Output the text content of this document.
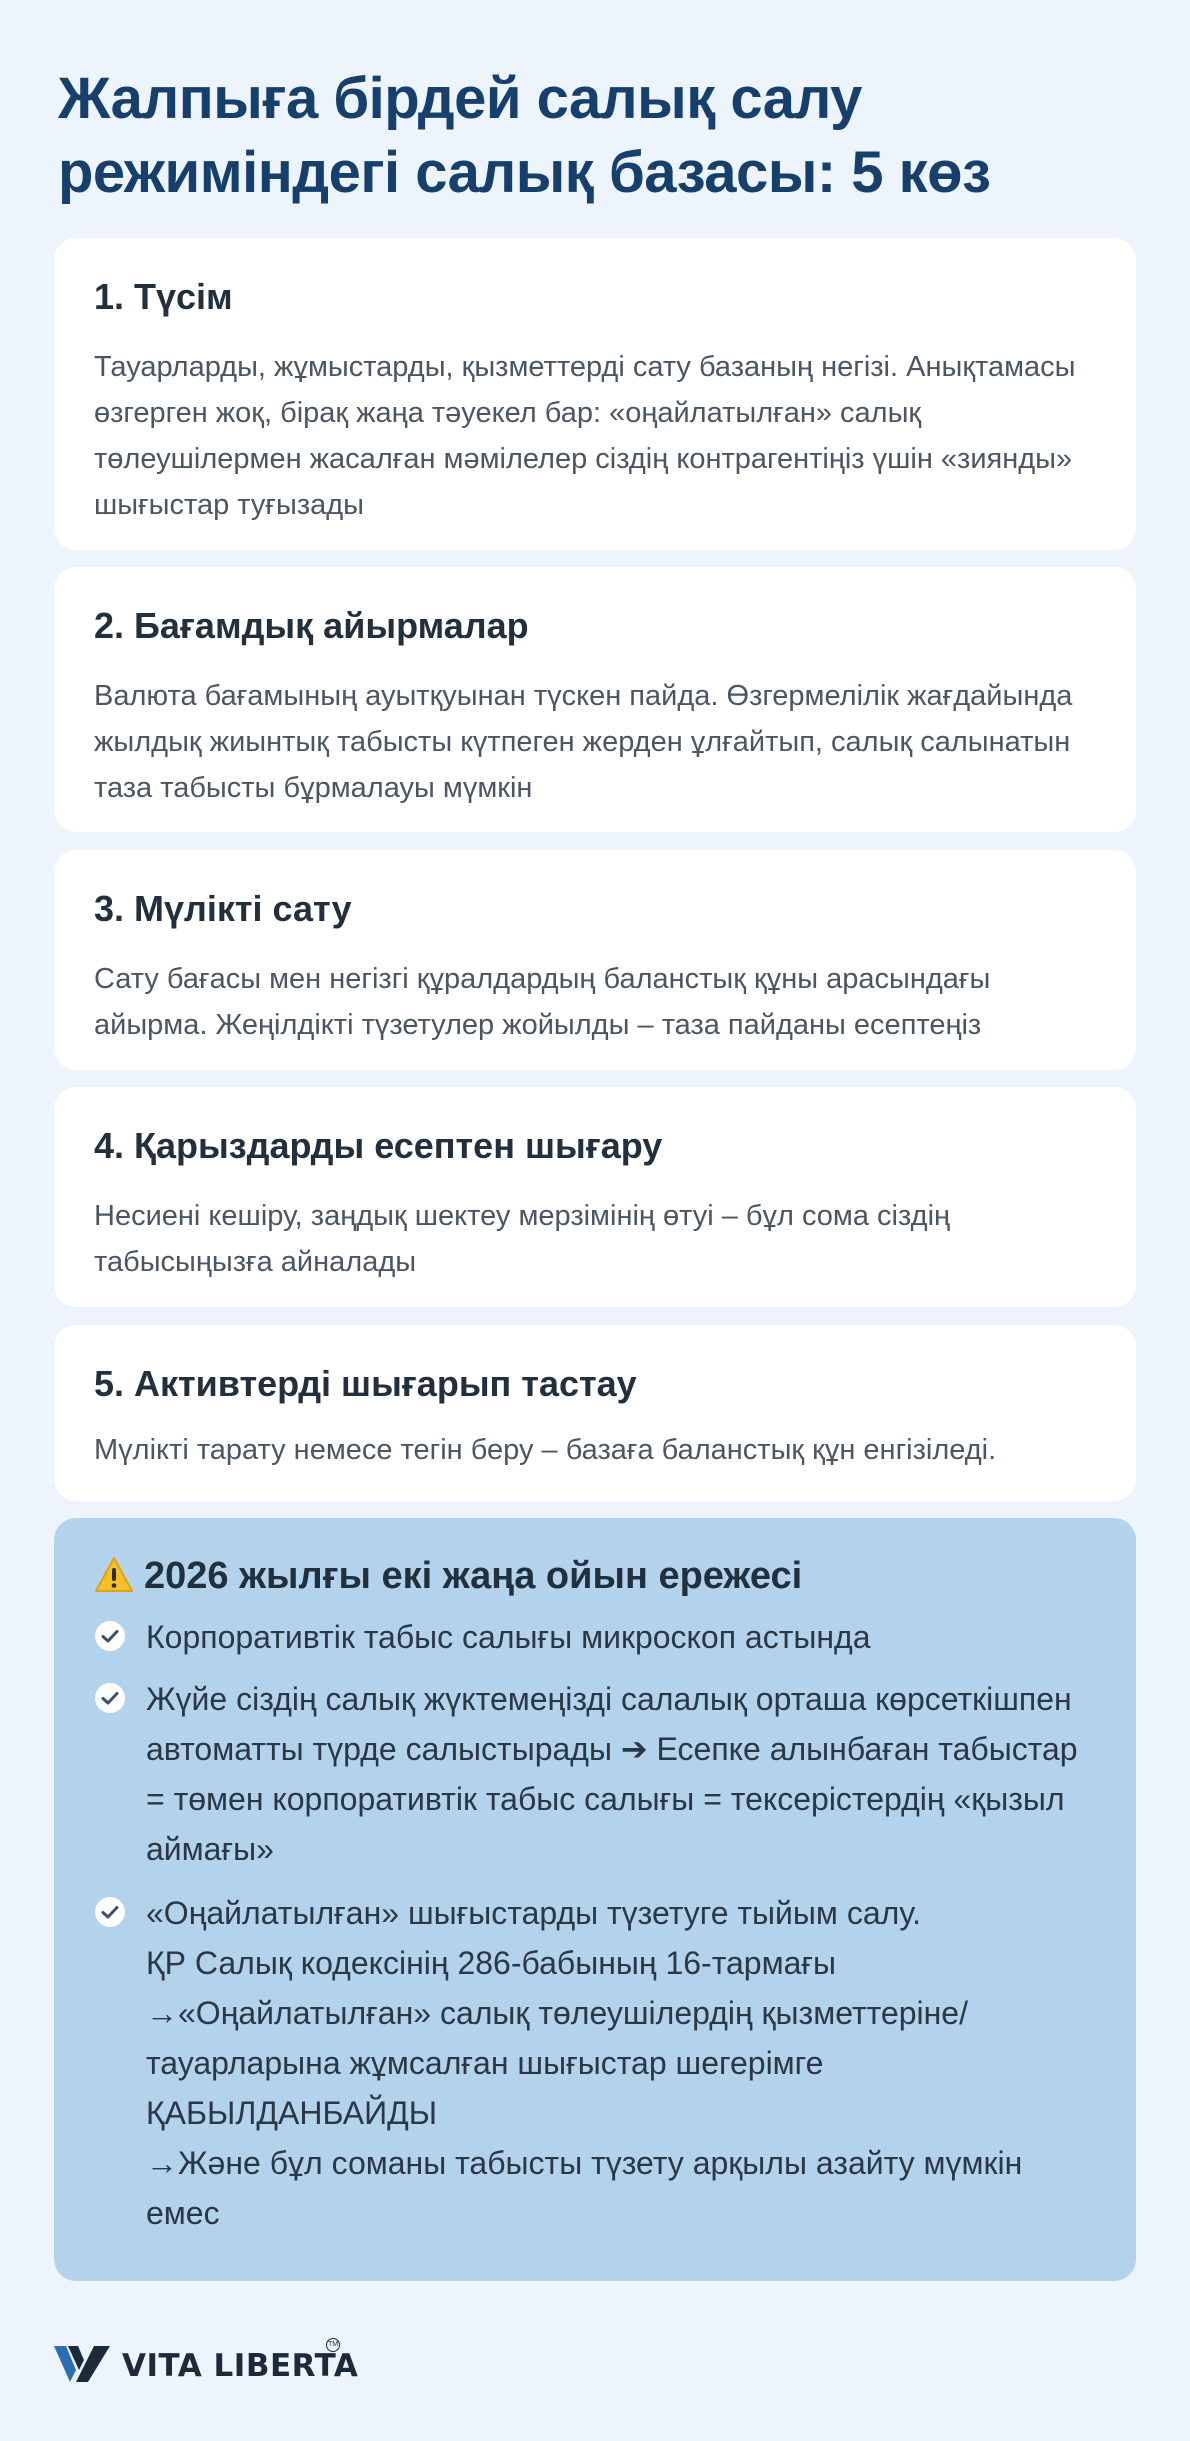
Жалпыға бірдей салық салу режиміндегі салық базасы: 5 көз
1. Түсім

Тауарларды, жұмыстарды, қызметтерді сату базаның негізі. Анықтамасы өзгерген жоқ, бірақ жаңа тәуекел бар: «оңайлатылған» салық төлеушілермен жасалған мәмілелер сіздің контрагентіңіз үшін «зиянды» шығыстар туғызады

2. Бағамдық айырмалар

Валюта бағамының ауытқуынан түскен пайда. Өзгермелілік жағдайында жылдық жиынтық табысты күтпеген жерден ұлғайтып, салық салынатын таза табысты бұрмалауы мүмкін

3. Мүлікті сату

Сату бағасы мен негізгі құралдардың баланстық құны арасындағы айырма. Жеңілдікті түзетулер жойылды – таза пайданы есептеңіз

4. Қарыздарды есептен шығару

Несиені кешіру, заңдық шектеу мерзімінің өтуі – бұл сома сіздің табысыңызға айналады

5. Активтерді шығарып тастау

Мүлікті тарату немесе тегін беру – базаға баланстық құн енгізіледі.

2026 жылғы екі жаңа ойын ережесі
Корпоративтік табыс салығы микроскоп астында
Жүйе сіздің салық жүктемеңізді салалық орташа көрсеткішпен автоматты түрде салыстырады ➔ Есепке алынбаған табыстар = төмен корпоративтік табыс салығы = тексерістердің «қызыл аймағы»
«Оңайлатылған» шығыстарды түзетуге тыйым салу.
ҚР Салық кодексінің 286-бабының 16-тармағы
→«Оңайлатылған» салық төлеушілердің қызметтеріне/ тауарларына жұмсалған шығыстар шегерімге ҚАБЫЛДАНБАЙДЫ
→Және бұл соманы табысты түзету арқылы азайту мүмкін емес
VITA LIBERTA
TM
